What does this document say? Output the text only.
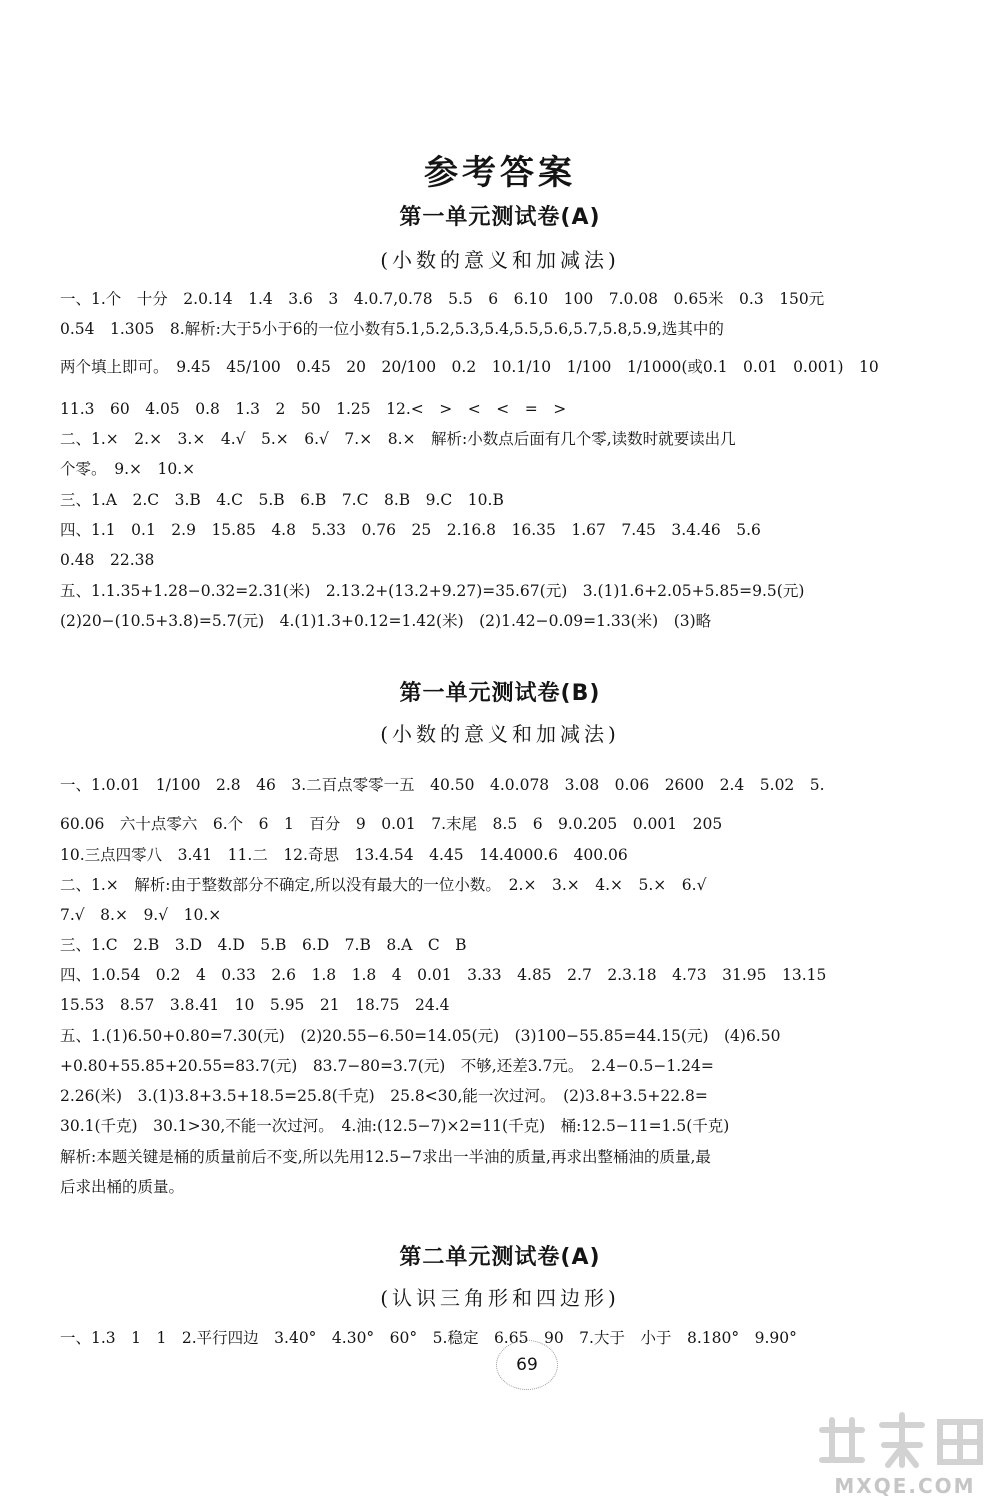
参考答案
第一单元测试卷(A)
(小数的意义和加减法)
一、1.个　十分　2.0.14　1.4　3.6　3　4.0.7,0.78　5.5　6　6.10　100　7.0.08　0.65米　0.3　150元
0.54　1.305　8.解析:大于5小于6的一位小数有5.1,5.2,5.3,5.4,5.5,5.6,5.7,5.8,5.9,选其中的
两个填上即可。　9.45　45/100　0.45　20　20/100　0.2　10.1/10　1/100　1/1000(或0.1　0.01　0.001)　10
11.3　60　4.05　0.8　1.3　2　50　1.25　12.<　>　<　<　=　>
二、1.×　2.×　3.×　4.√　5.×　6.√　7.×　8.×　解析:小数点后面有几个零,读数时就要读出几
个零。　9.×　10.×
三、1.A　2.C　3.B　4.C　5.B　6.B　7.C　8.B　9.C　10.B
四、1.1　0.1　2.9　15.85　4.8　5.33　0.76　25　2.16.8　16.35　1.67　7.45　3.4.46　5.6
0.48　22.38
五、1.1.35+1.28−0.32=2.31(米)　2.13.2+(13.2+9.27)=35.67(元)　3.(1)1.6+2.05+5.85=9.5(元)
(2)20−(10.5+3.8)=5.7(元)　4.(1)1.3+0.12=1.42(米)　(2)1.42−0.09=1.33(米)　(3)略
第一单元测试卷(B)
(小数的意义和加减法)
一、1.0.01　1/100　2.8　46　3.二百点零零一五　40.50　4.0.078　3.08　0.06　2600　2.4　5.02　5.
60.06　六十点零六　6.个　6　1　百分　9　0.01　7.末尾　8.5　6　9.0.205　0.001　205
10.三点四零八　3.41　11.二　12.奇思　13.4.54　4.45　14.4000.6　400.06
二、1.×　解析:由于整数部分不确定,所以没有最大的一位小数。　2.×　3.×　4.×　5.×　6.√
7.√　8.×　9.√　10.×
三、1.C　2.B　3.D　4.D　5.B　6.D　7.B　8.A　C　B
四、1.0.54　0.2　4　0.33　2.6　1.8　1.8　4　0.01　3.33　4.85　2.7　2.3.18　4.73　31.95　13.15
15.53　8.57　3.8.41　10　5.95　21　18.75　24.4
五、1.(1)6.50+0.80=7.30(元)　(2)20.55−6.50=14.05(元)　(3)100−55.85=44.15(元)　(4)6.50
+0.80+55.85+20.55=83.7(元)　83.7−80=3.7(元)　不够,还差3.7元。　2.4−0.5−1.24=
2.26(米)　3.(1)3.8+3.5+18.5=25.8(千克)　25.8<30,能一次过河。　(2)3.8+3.5+22.8=
30.1(千克)　30.1>30,不能一次过河。　4.油:(12.5−7)×2=11(千克)　桶:12.5−11=1.5(千克)
解析:本题关键是桶的质量前后不变,所以先用12.5−7求出一半油的质量,再求出整桶油的质量,最
后求出桶的质量。
第二单元测试卷(A)
(认识三角形和四边形)
一、1.3　1　1　2.平行四边　3.40°　4.30°　60°　5.稳定　6.65　90　7.大于　小于　8.180°　9.90°
69
MXQE.COM
